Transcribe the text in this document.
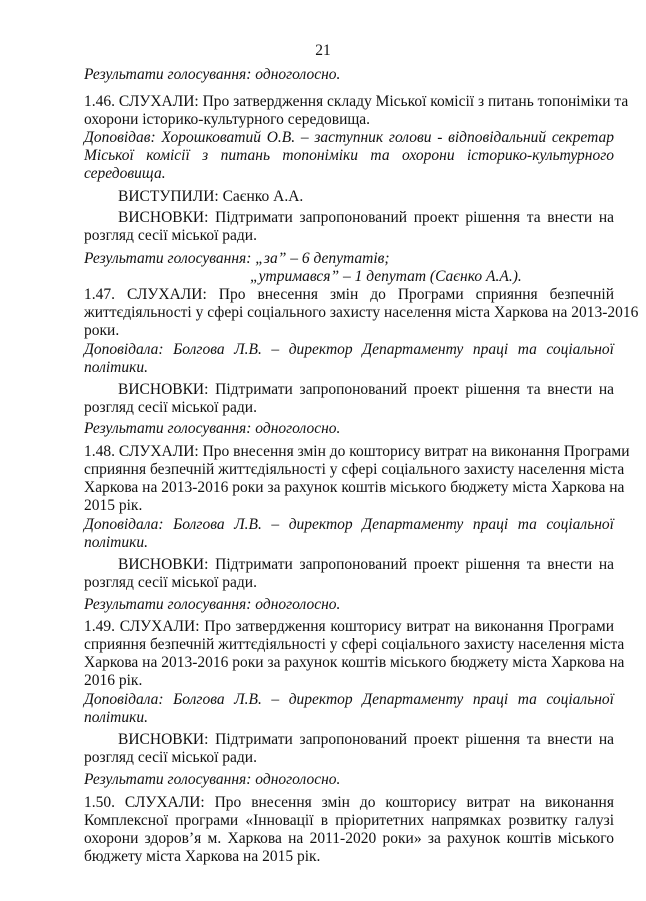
21
Результати голосування: одноголосно.
1.46. СЛУХАЛИ: Про затвердження складу Міської комісії з питань топоніміки та
охорони історико-культурного середовища.
Доповідав: Хорошковатий О.В. – заступник голови - відповідальний секретар
Міської комісії з питань топоніміки та охорони історико-культурного
середовища.
ВИСТУПИЛИ: Саєнко А.А.
ВИСНОВКИ: Підтримати запропонований проект рішення та внести на
розгляд сесії міської ради.
Результати голосування: „за” – 6 депутатів;
„утримався” – 1 депутат (Саєнко А.А.).
1.47. СЛУХАЛИ: Про внесення змін до Програми сприяння безпечній
життєдіяльності у сфері соціального захисту населення міста Харкова на 2013-2016
роки.
Доповідала: Болгова Л.В. – директор Департаменту праці та соціальної
політики.
ВИСНОВКИ: Підтримати запропонований проект рішення та внести на
розгляд сесії міської ради.
Результати голосування: одноголосно.
1.48. СЛУХАЛИ: Про внесення змін до кошторису витрат на виконання Програми
сприяння безпечній життєдіяльності у сфері соціального захисту населення міста
Харкова на 2013-2016 роки за рахунок коштів міського бюджету міста Харкова на
2015 рік.
Доповідала: Болгова Л.В. – директор Департаменту праці та соціальної
політики.
ВИСНОВКИ: Підтримати запропонований проект рішення та внести на
розгляд сесії міської ради.
Результати голосування: одноголосно.
1.49. СЛУХАЛИ: Про затвердження кошторису витрат на виконання Програми
сприяння безпечній життєдіяльності у сфері соціального захисту населення міста
Харкова на 2013-2016 роки за рахунок коштів міського бюджету міста Харкова на
2016 рік.
Доповідала: Болгова Л.В. – директор Департаменту праці та соціальної
політики.
ВИСНОВКИ: Підтримати запропонований проект рішення та внести на
розгляд сесії міської ради.
Результати голосування: одноголосно.
1.50. СЛУХАЛИ: Про внесення змін до кошторису витрат на виконання
Комплексної програми «Інновації в пріоритетних напрямках розвитку галузі
охорони здоров’я м. Харкова на 2011-2020 роки» за рахунок коштів міського
бюджету міста Харкова на 2015 рік.
